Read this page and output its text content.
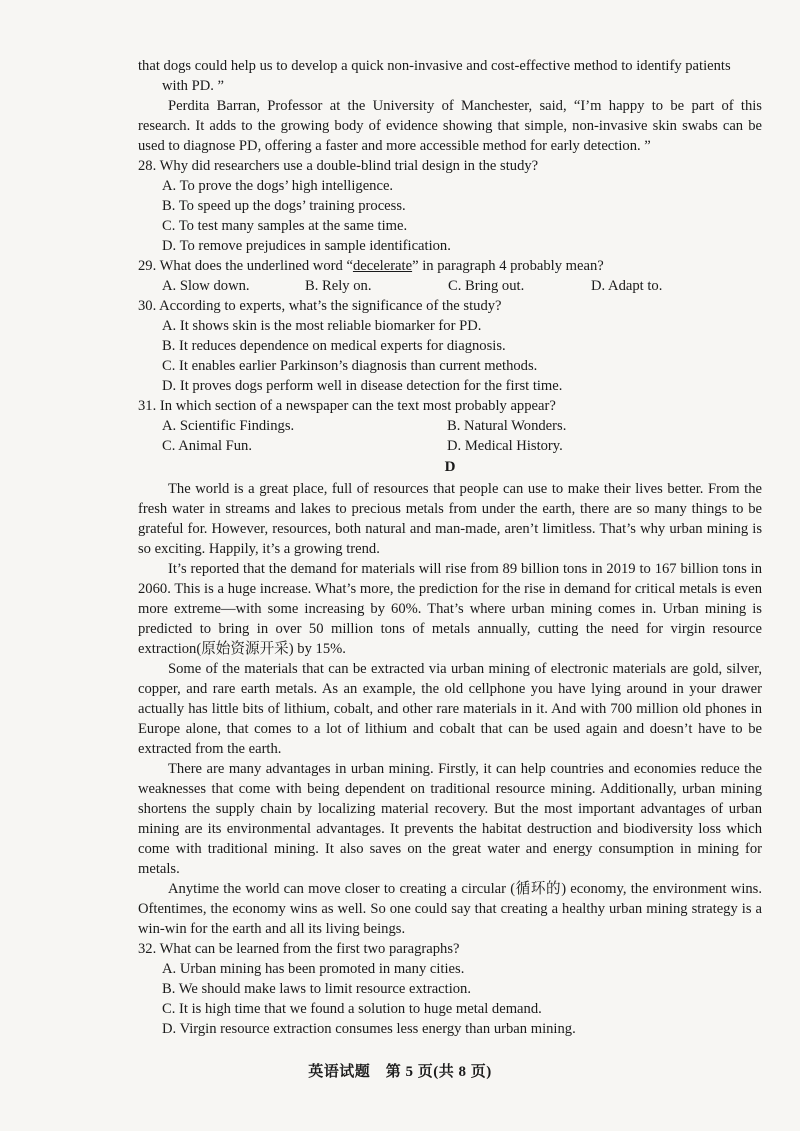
that dogs could help us to develop a quick non-invasive and cost-effective method to identify patients

with PD. ”

Perdita Barran, Professor at the University of Manchester, said, “I’m happy to be part of this research. It adds to the growing body of evidence showing that simple, non-invasive skin swabs can be used to diagnose PD, offering a faster and more accessible method for early detection. ”

28. Why did researchers use a double-blind trial design in the study?

A. To prove the dogs’ high intelligence.

B. To speed up the dogs’ training process.

C. To test many samples at the same time.

D. To remove prejudices in sample identification.

29. What does the underlined word “decelerate” in paragraph 4 probably mean?

A. Slow down.	B. Rely on.	C. Bring out.	D. Adapt to.

30. According to experts, what’s the significance of the study?

A. It shows skin is the most reliable biomarker for PD.

B. It reduces dependence on medical experts for diagnosis.

C. It enables earlier Parkinson’s diagnosis than current methods.

D. It proves dogs perform well in disease detection for the first time.

31. In which section of a newspaper can the text most probably appear?

A. Scientific Findings.	B. Natural Wonders.
C. Animal Fun.	D. Medical History.
D

The world is a great place, full of resources that people can use to make their lives better. From the fresh water in streams and lakes to precious metals from under the earth, there are so many things to be grateful for. However, resources, both natural and man-made, aren’t limitless. That’s why urban mining is so exciting. Happily, it’s a growing trend.

It’s reported that the demand for materials will rise from 89 billion tons in 2019 to 167 billion tons in 2060. This is a huge increase. What’s more, the prediction for the rise in demand for critical metals is even more extreme—with some increasing by 60%. That’s where urban mining comes in. Urban mining is predicted to bring in over 50 million tons of metals annually, cutting the need for virgin resource extraction(原始资源开采) by 15%.

Some of the materials that can be extracted via urban mining of electronic materials are gold, silver, copper, and rare earth metals. As an example, the old cellphone you have lying around in your drawer actually has little bits of lithium, cobalt, and other rare materials in it. And with 700 million old phones in Europe alone, that comes to a lot of lithium and cobalt that can be used again and doesn’t have to be extracted from the earth.

There are many advantages in urban mining. Firstly, it can help countries and economies reduce the weaknesses that come with being dependent on traditional resource mining. Additionally, urban mining shortens the supply chain by localizing material recovery. But the most important advantages of urban mining are its environmental advantages. It prevents the habitat destruction and biodiversity loss which come with traditional mining. It also saves on the great water and energy consumption in mining for metals.

Anytime the world can move closer to creating a circular (循环的) economy, the environment wins. Oftentimes, the economy wins as well. So one could say that creating a healthy urban mining strategy is a win-win for the earth and all its living beings.

32. What can be learned from the first two paragraphs?

A. Urban mining has been promoted in many cities.

B. We should make laws to limit resource extraction.

C. It is high time that we found a solution to huge metal demand.

D. Virgin resource extraction consumes less energy than urban mining.

英语试题　第 5 页(共 8 页)
